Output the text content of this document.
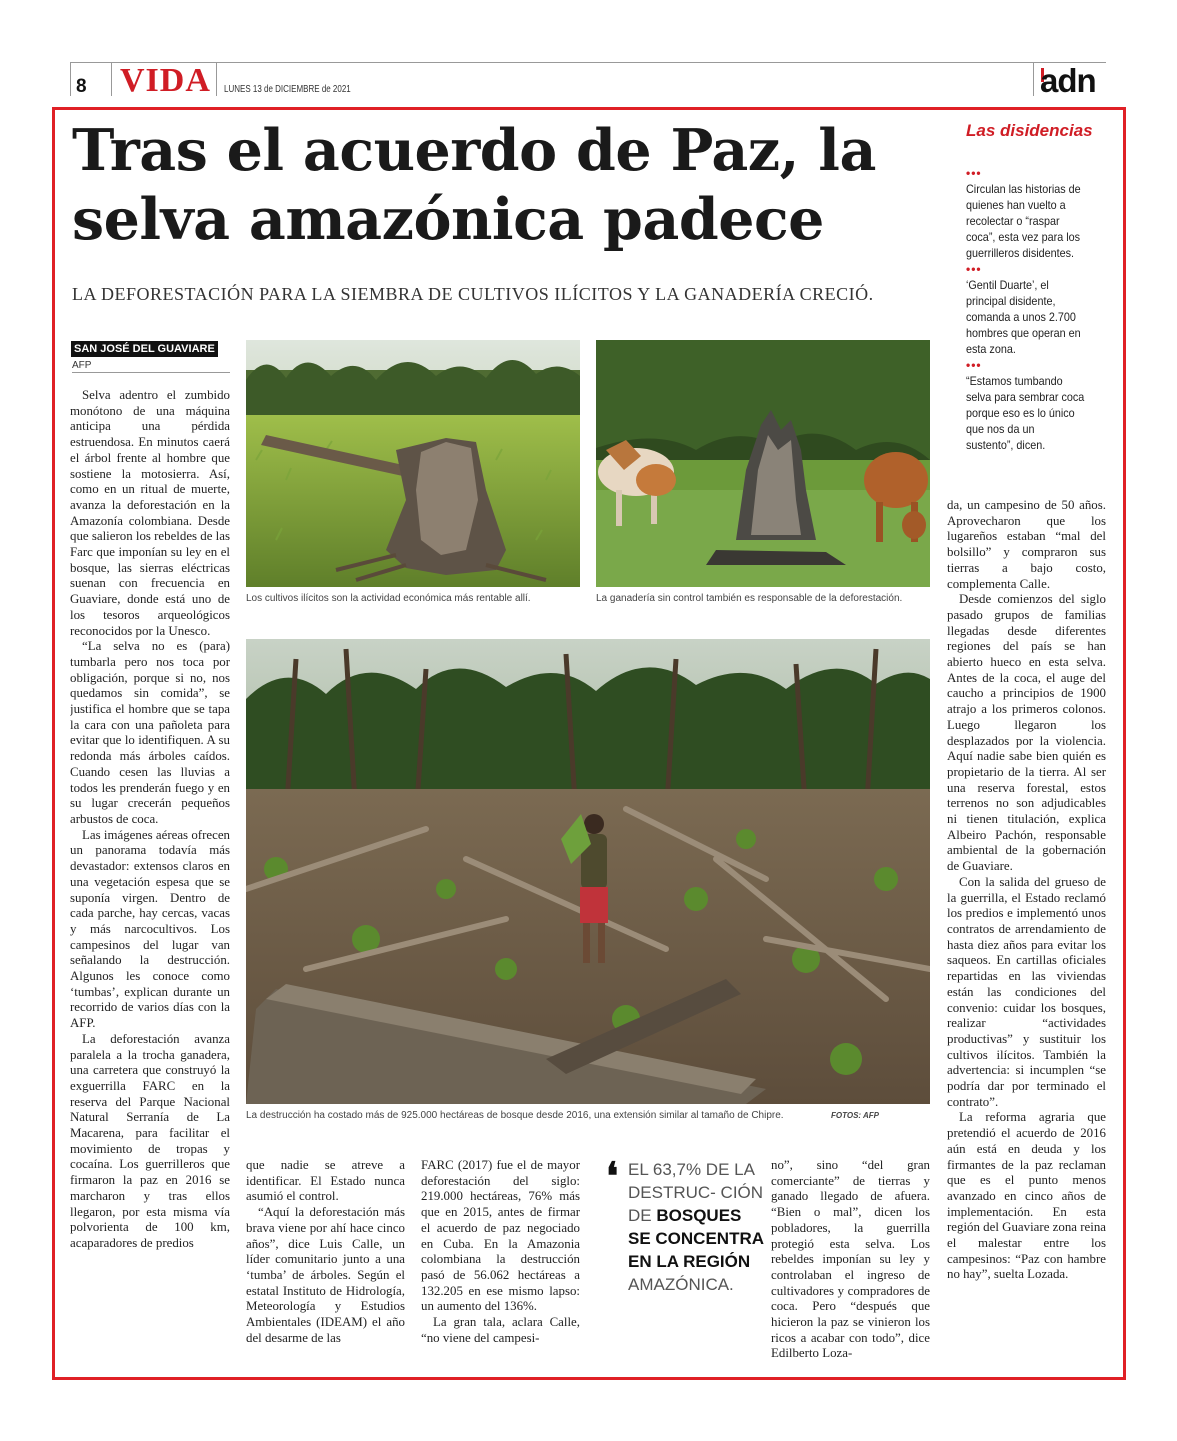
8 VIDA LUNES 13 de DICIEMBRE de 2021	adn
Tras el acuerdo de Paz, la selva amazónica padece
LA DEFORESTACIÓN PARA LA SIEMBRA DE CULTIVOS ILÍCITOS Y LA GANADERÍA CRECIÓ.
Las disidencias
•••
Circulan las historias de quienes han vuelto a recolectar o “raspar coca”, esta vez para los guerrilleros disidentes.
•••
‘Gentil Duarte’, el principal disidente, comanda a unos 2.700 hombres que operan en esta zona.
•••
“Estamos tumbando selva para sembrar coca porque eso es lo único que nos da un sustento”, dicen.
SAN JOSÉ DEL GUAVIARE
AFP

Selva adentro el zumbido monótono de una máquina anticipa una pérdida estruendosa. En minutos caerá el árbol frente al hombre que sostiene la motosierra. Así, como en un ritual de muerte, avanza la deforestación en la Amazonía colombiana. Desde que salieron los rebeldes de las Farc que imponían su ley en el bosque, las sierras eléctricas suenan con frecuencia en Guaviare, donde está uno de los tesoros arqueológicos reconocidos por la Unesco.

“La selva no es (para) tumbarla pero nos toca por obligación, porque si no, nos quedamos sin comida”, se justifica el hombre que se tapa la cara con una pañoleta para evitar que lo identifiquen. A su redonda más árboles caídos. Cuando cesen las lluvias a todos les prenderán fuego y en su lugar crecerán pequeños arbustos de coca.

Las imágenes aéreas ofrecen un panorama todavía más devastador: extensos claros en una vegetación espesa que se suponía virgen. Dentro de cada parche, hay cercas, vacas y más narcocultivos. Los campesinos del lugar van señalando la destrucción. Algunos les conoce como ‘tumbas’, explican durante un recorrido de varios días con la AFP.

La deforestación avanza paralela a la trocha ganadera, una carretera que construyó la exguerrilla FARC en la reserva del Parque Nacional Natural Serranía de La Macarena, para facilitar el movimiento de tropas y cocaína. Los guerrilleros que firmaron la paz en 2016 se marcharon y tras ellos llegaron, por esta misma vía polvorienta de 100 km, acaparadores de predios

Los cultivos ilícitos son la actividad económica más rentable allí.	La ganadería sin control también es responsable de la deforestación.
La destrucción ha costado más de 925.000 hectáreas de bosque desde 2016, una extensión similar al tamaño de Chipre.	FOTOS: AFP

que nadie se atreve a identificar. El Estado nunca asumió el control.

“Aquí la deforestación más brava viene por ahí hace cinco años”, dice Luis Calle, un líder comunitario junto a una ‘tumba’ de árboles. Según el estatal Instituto de Hidrología, Meteorología y Estudios Ambientales (IDEAM) el año del desarme de las

FARC (2017) fue el de mayor deforestación del siglo: 219.000 hectáreas, 76% más que en 2015, antes de firmar el acuerdo de paz negociado en Cuba. En la Amazonia colombiana la destrucción pasó de 56.062 hectáreas a 132.205 en ese mismo lapso: un aumento del 136%.

La gran tala, aclara Calle, “no viene del campesi-

❛ EL 63,7% DE LA DESTRUC- CIÓN DE BOSQUES SE CONCENTRA EN LA REGIÓN AMAZÓNICA.

no”, sino “del gran comerciante” de tierras y ganado llegado de afuera. “Bien o mal”, dicen los pobladores, la guerrilla protegió esta selva. Los rebeldes imponían su ley y controlaban el ingreso de cultivadores y compradores de coca. Pero “después que hicieron la paz se vinieron los ricos a acabar con todo”, dice Edilberto Loza-

da, un campesino de 50 años. Aprovecharon que los lugareños estaban “mal del bolsillo” y compraron sus tierras a bajo costo, complementa Calle.

Desde comienzos del siglo pasado grupos de familias llegadas desde diferentes regiones del país se han abierto hueco en esta selva. Antes de la coca, el auge del caucho a principios de 1900 atrajo a los primeros colonos. Luego llegaron los desplazados por la violencia. Aquí nadie sabe bien quién es propietario de la tierra. Al ser una reserva forestal, estos terrenos no son adjudicables ni tienen titulación, explica Albeiro Pachón, responsable ambiental de la gobernación de Guaviare.

Con la salida del grueso de la guerrilla, el Estado reclamó los predios e implementó unos contratos de arrendamiento de hasta diez años para evitar los saqueos. En cartillas oficiales repartidas en las viviendas están las condiciones del convenio: cuidar los bosques, realizar “actividades productivas” y sustituir los cultivos ilícitos. También la advertencia: si incumplen “se podría dar por terminado el contrato”.

La reforma agraria que pretendió el acuerdo de 2016 aún está en deuda y los firmantes de la paz reclaman que es el punto menos avanzado en cinco años de implementación. En esta región del Guaviare zona reina el malestar entre los campesinos: “Paz con hambre no hay”, suelta Lozada.
